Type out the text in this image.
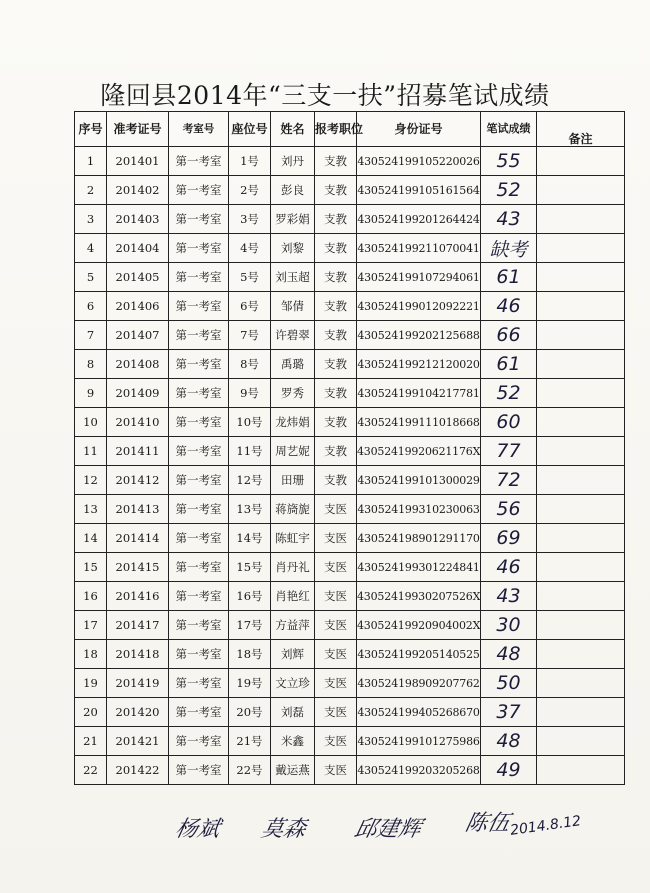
隆回县2014年“三支一扶”招募笔试成绩
序号	准考证号	考室号	座位号	姓名	报考职位	身份证号	笔试成绩	备注
1	201401	第一考室	1号	刘丹	支教	430524199105220026	55	
2	201402	第一考室	2号	彭良	支教	430524199105161564	52	
3	201403	第一考室	3号	罗彩娟	支教	430524199201264424	43	
4	201404	第一考室	4号	刘黎	支教	430524199211070041	缺考	
5	201405	第一考室	5号	刘玉超	支教	430524199107294061	61	
6	201406	第一考室	6号	邹倩	支教	430524199012092221	46	
7	201407	第一考室	7号	许碧翠	支教	430524199202125688	66	
8	201408	第一考室	8号	禹璐	支教	430524199212120020	61	
9	201409	第一考室	9号	罗秀	支教	430524199104217781	52	
10	201410	第一考室	10号	龙炜娟	支教	430524199111018668	60	
11	201411	第一考室	11号	周艺妮	支教	43052419920621176X	77	
12	201412	第一考室	12号	田珊	支教	430524199101300029	72	
13	201413	第一考室	13号	蒋旖旎	支医	430524199310230063	56	
14	201414	第一考室	14号	陈虹宇	支医	430524198901291170	69	
15	201415	第一考室	15号	肖丹礼	支医	430524199301224841	46	
16	201416	第一考室	16号	肖艳红	支医	43052419930207526X	43	
17	201417	第一考室	17号	方益萍	支医	43052419920904002X	30	
18	201418	第一考室	18号	刘辉	支医	430524199205140525	48	
19	201419	第一考室	19号	文立珍	支医	430524198909207762	50	
20	201420	第一考室	20号	刘磊	支医	430524199405268670	37	
21	201421	第一考室	21号	米鑫	支医	430524199101275986	48	
22	201422	第一考室	22号	戴运燕	支医	430524199203205268	49	
杨斌 莫森 邱建辉 陈伍
2014.8.12
